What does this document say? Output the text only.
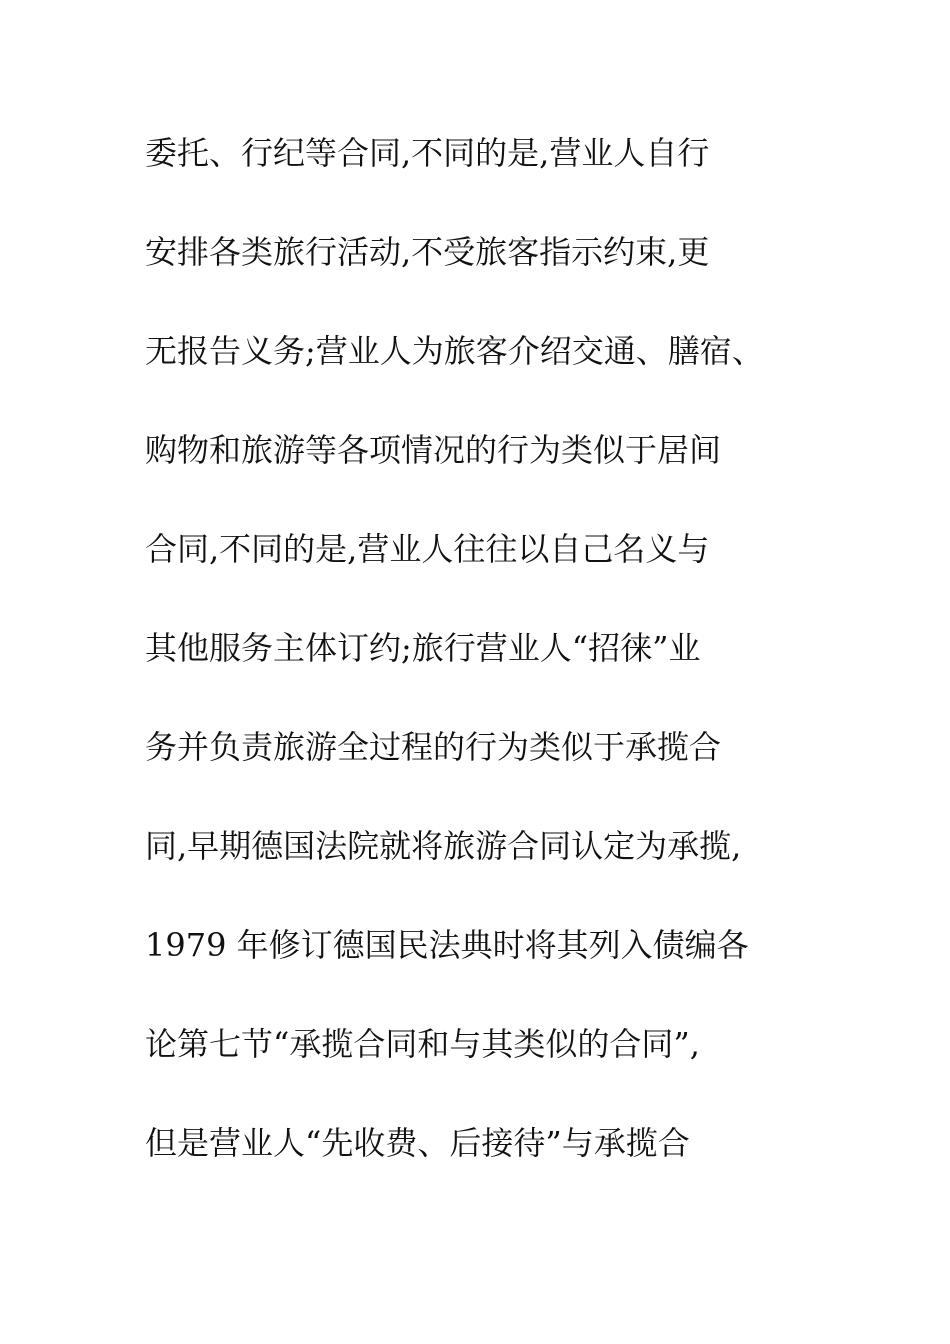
委托、行纪等合同,不同的是,营业人自行
安排各类旅行活动,不受旅客指示约束,更
无报告义务;营业人为旅客介绍交通、膳宿、
购物和旅游等各项情况的行为类似于居间
合同,不同的是,营业人往往以自己名义与
其他服务主体订约;旅行营业人“招徕”业
务并负责旅游全过程的行为类似于承揽合
同,早期德国法院就将旅游合同认定为承揽,
1979 年修订德国民法典时将其列入债编各
论第七节“承揽合同和与其类似的合同”,
但是营业人“先收费、后接待”与承揽合
